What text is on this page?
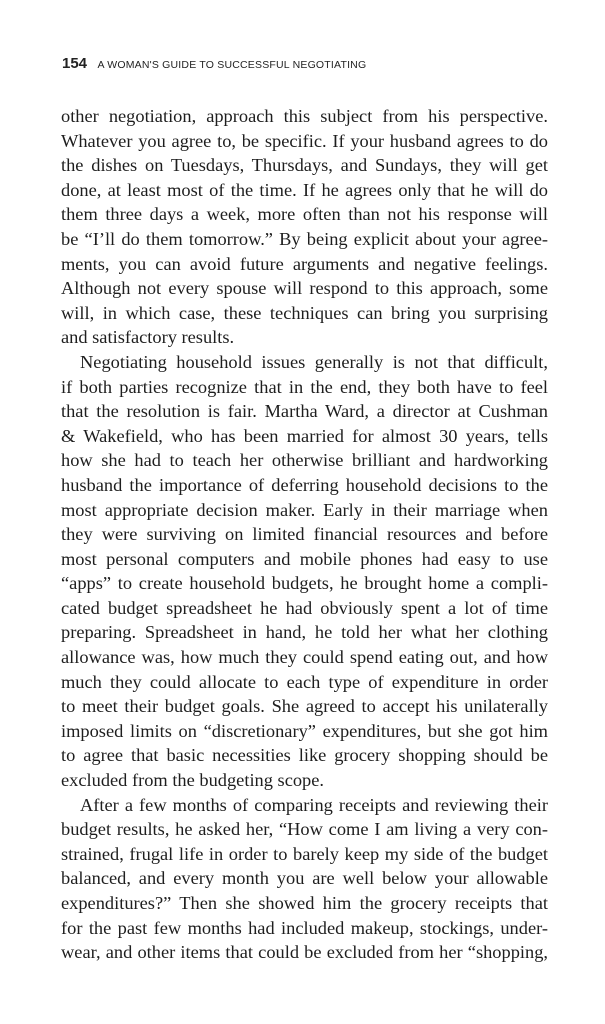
154 A WOMAN'S GUIDE TO SUCCESSFUL NEGOTIATING
other negotiation, approach this subject from his perspective.
Whatever you agree to, be specific. If your husband agrees to do
the dishes on Tuesdays, Thursdays, and Sundays, they will get
done, at least most of the time. If he agrees only that he will do
them three days a week, more often than not his response will
be “I’ll do them tomorrow.” By being explicit about your agree-
ments, you can avoid future arguments and negative feelings.
Although not every spouse will respond to this approach, some
will, in which case, these techniques can bring you surprising
and satisfactory results.
Negotiating household issues generally is not that difficult,
if both parties recognize that in the end, they both have to feel
that the resolution is fair. Martha Ward, a director at Cushman
& Wakefield, who has been married for almost 30 years, tells
how she had to teach her otherwise brilliant and hardworking
husband the importance of deferring household decisions to the
most appropriate decision maker. Early in their marriage when
they were surviving on limited financial resources and before
most personal computers and mobile phones had easy to use
“apps” to create household budgets, he brought home a compli-
cated budget spreadsheet he had obviously spent a lot of time
preparing. Spreadsheet in hand, he told her what her clothing
allowance was, how much they could spend eating out, and how
much they could allocate to each type of expenditure in order
to meet their budget goals. She agreed to accept his unilaterally
imposed limits on “discretionary” expenditures, but she got him
to agree that basic necessities like grocery shopping should be
excluded from the budgeting scope.
After a few months of comparing receipts and reviewing their
budget results, he asked her, “How come I am living a very con-
strained, frugal life in order to barely keep my side of the budget
balanced, and every month you are well below your allowable
expenditures?” Then she showed him the grocery receipts that
for the past few months had included makeup, stockings, under-
wear, and other items that could be excluded from her “shopping,
